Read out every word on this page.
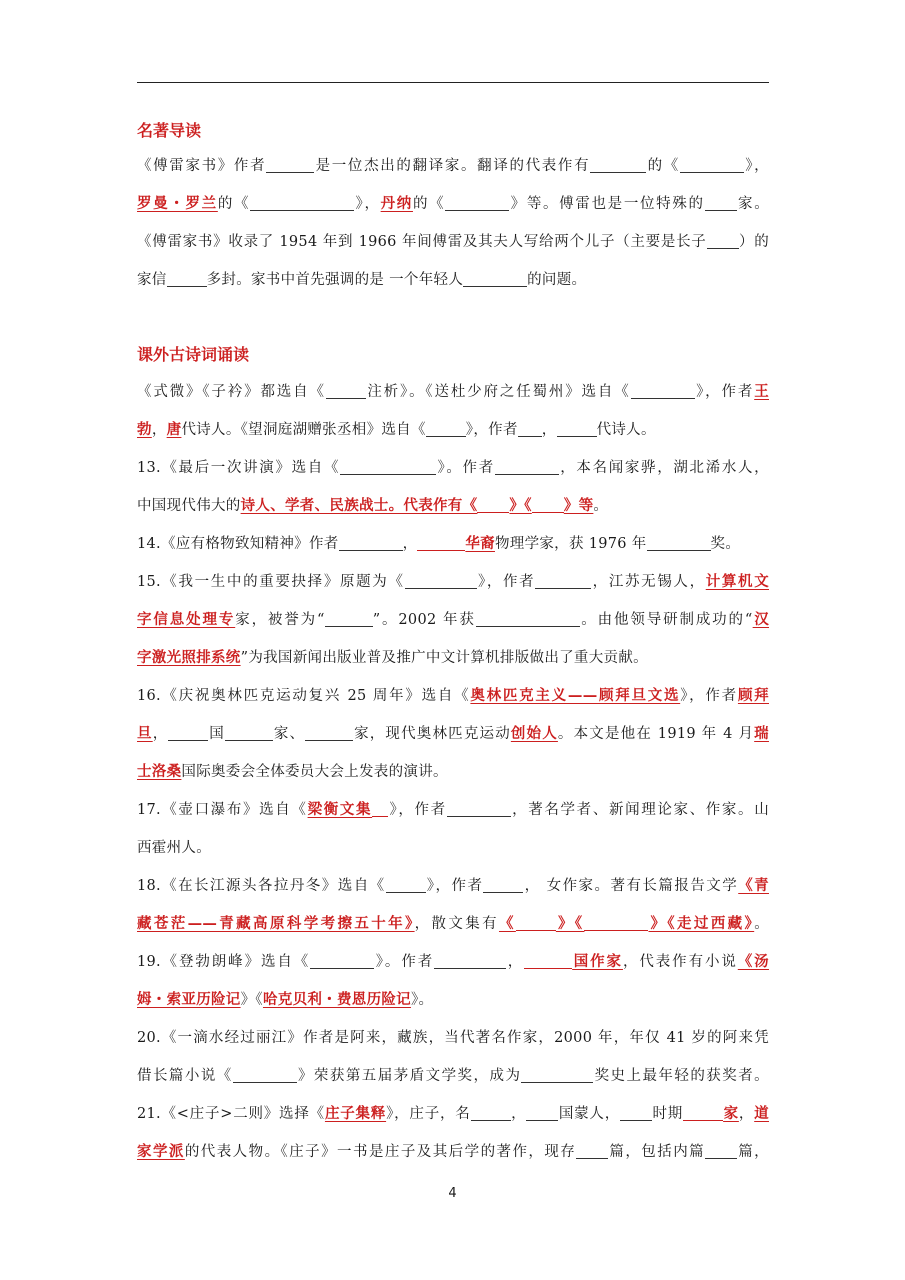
名著导读

《傅雷家书》作者	是一位杰出的翻译家。翻译的代表作有	的《	》，

罗曼・罗兰的《	》，丹纳的《	》等。傅雷也是一位特殊的 家。

《傅雷家书》收录了 1954 年到 1966 年间傅雷及其夫人写给两个儿子（主要是长子 ）的

家信	多封。家书中首先强调的是 一个年轻人	的问题。

课外古诗词诵读

《式微》《子衿》都选自《	注析》。《送杜少府之任蜀州》选自《	》，作者王

勃，唐代诗人。《望洞庭湖赠张丞相》选自《	》，作者 ，	代诗人。

13.《最后一次讲演》选自《	》。作者	，本名闻家骅，湖北浠水人，

中国现代伟大的诗人、学者、民族战士。代表作有《 》《 》等。

14.《应有格物致知精神》作者	，	华裔物理学家，获 1976 年	奖。

15.《我一生中的重要抉择》原题为《	》，作者	，江苏无锡人，计算机文

字信息处理专家，被誉为“	”。2002 年获	。由他领导研制成功的“汉

字激光照排系统”为我国新闻出版业普及推广中文计算机排版做出了重大贡献。

16.《庆祝奥林匹克运动复兴 25 周年》选自《奥林匹克主义——顾拜旦文选》，作者顾拜

旦，	国	家、	家，现代奥林匹克运动创始人。本文是他在 1919 年 4 月瑞

士洛桑国际奥委会全体委员大会上发表的演讲。

17.《壶口瀑布》选自《梁衡文集 》，作者	，著名学者、新闻理论家、作家。山

西霍州人。

18.《在长江源头各拉丹冬》选自《	》，作者	， 女作家。著有长篇报告文学《青

藏苍茫——青藏高原科学考擦五十年》，散文集有《	》《	》《走过西藏》。

19.《登勃朗峰》选自《	》。作者	，	国作家，代表作有小说《汤

姆・索亚历险记》《哈克贝利・费恩历险记》。

20.《一滴水经过丽江》作者是阿来，藏族，当代著名作家，2000 年，年仅 41 岁的阿来凭

借长篇小说《	》荣获第五届茅盾文学奖，成为	奖史上最年轻的获奖者。

21.《<庄子>二则》选择《庄子集释》，庄子，名	， 国蒙人， 时期	家，道

家学派的代表人物。《庄子》一书是庄子及其后学的著作，现存 篇，包括内篇 篇，

4
